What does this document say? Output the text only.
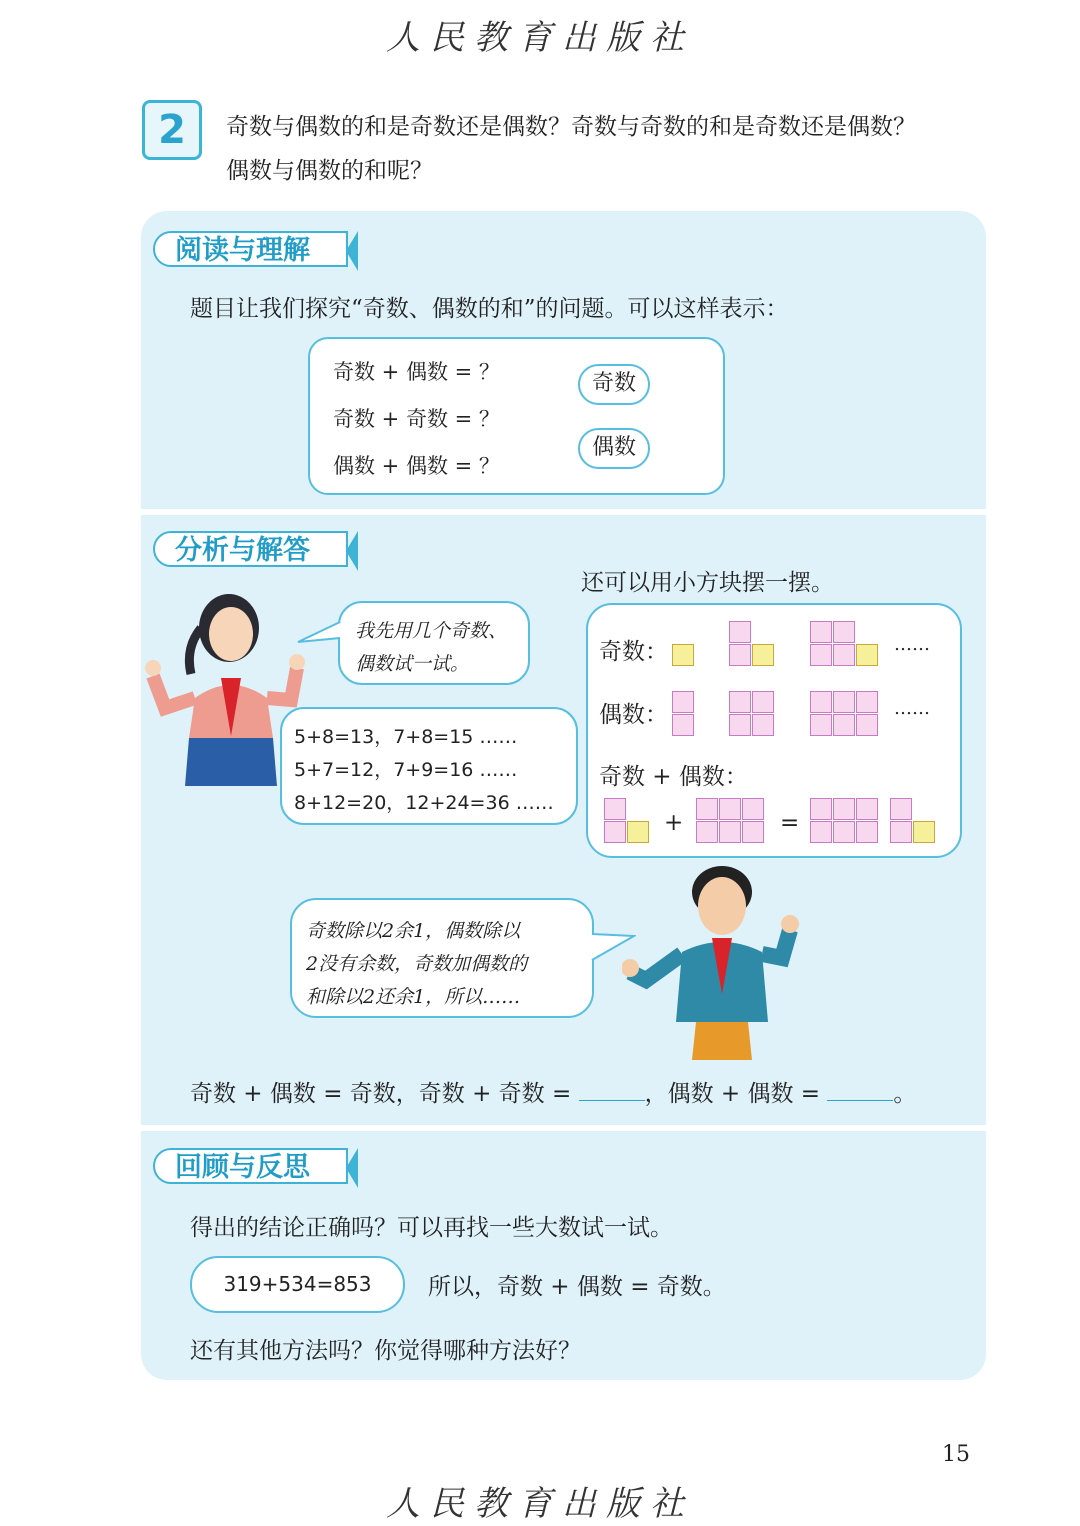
人民教育出版社
2	奇数与偶数的和是奇数还是偶数？奇数与奇数的和是奇数还是偶数？
偶数与偶数的和呢？
阅读与理解
题目让我们探究“奇数、偶数的和”的问题。可以这样表示：
奇数 + 偶数 = ？
奇数 + 奇数 = ？
偶数 + 偶数 = ？
奇数
偶数
分析与解答
我先用几个奇数、
偶数试一试。
5+8=13，7+8=15 ……
5+7=12，7+9=16 ……
8+12=20，12+24=36 ……
还可以用小方块摆一摆。
奇数：
偶数：
奇数 + 偶数：
……
……
+	=
奇数除以2余1，偶数除以
2没有余数，奇数加偶数的
和除以2还余1，所以……
奇数 + 偶数 = 奇数，奇数 + 奇数 =	，偶数 + 偶数 =	。
回顾与反思
得出的结论正确吗？可以再找一些大数试一试。
319+534=853	所以，奇数 + 偶数 = 奇数。
还有其他方法吗？你觉得哪种方法好？
15
人民教育出版社
